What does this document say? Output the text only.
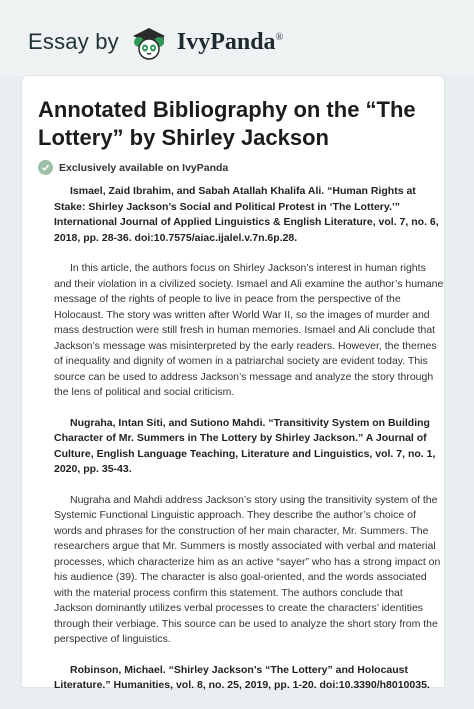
Essay by IvyPanda®
Annotated Bibliography on the “The Lottery” by Shirley Jackson
Exclusively available on IvyPanda

Ismael, Zaid Ibrahim, and Sabah Atallah Khalifa Ali. “Human Rights at Stake: Shirley Jackson’s Social and Political Protest in ‘The Lottery.’” International Journal of Applied Linguistics & English Literature, vol. 7, no. 6, 2018, pp. 28-36. doi:10.7575/aiac.ijalel.v.7n.6p.28.

In this article, the authors focus on Shirley Jackson’s interest in human rights and their violation in a civilized society. Ismael and Ali examine the author’s humane message of the rights of people to live in peace from the perspective of the Holocaust. The story was written after World War II, so the images of murder and mass destruction were still fresh in human memories. Ismael and Ali conclude that Jackson’s message was misinterpreted by the early readers. However, the themes of inequality and dignity of women in a patriarchal society are evident today. This source can be used to address Jackson’s message and analyze the story through the lens of political and social criticism.

Nugraha, Intan Siti, and Sutiono Mahdi. “Transitivity System on Building Character of Mr. Summers in The Lottery by Shirley Jackson.” A Journal of Culture, English Language Teaching, Literature and Linguistics, vol. 7, no. 1, 2020, pp. 35-43.

Nugraha and Mahdi address Jackson’s story using the transitivity system of the Systemic Functional Linguistic approach. They describe the author’s choice of words and phrases for the construction of her main character, Mr. Summers. The researchers argue that Mr. Summers is mostly associated with verbal and material processes, which characterize him as an active “sayer” who has a strong impact on his audience (39). The character is also goal-oriented, and the words associated with the material process confirm this statement. The authors conclude that Jackson dominantly utilizes verbal processes to create the characters’ identities through their verbiage. This source can be used to analyze the short story from the perspective of linguistics.

Robinson, Michael. “Shirley Jackson’s “The Lottery” and Holocaust Literature.” Humanities, vol. 8, no. 25, 2019, pp. 1-20. doi:10.3390/h8010035.
